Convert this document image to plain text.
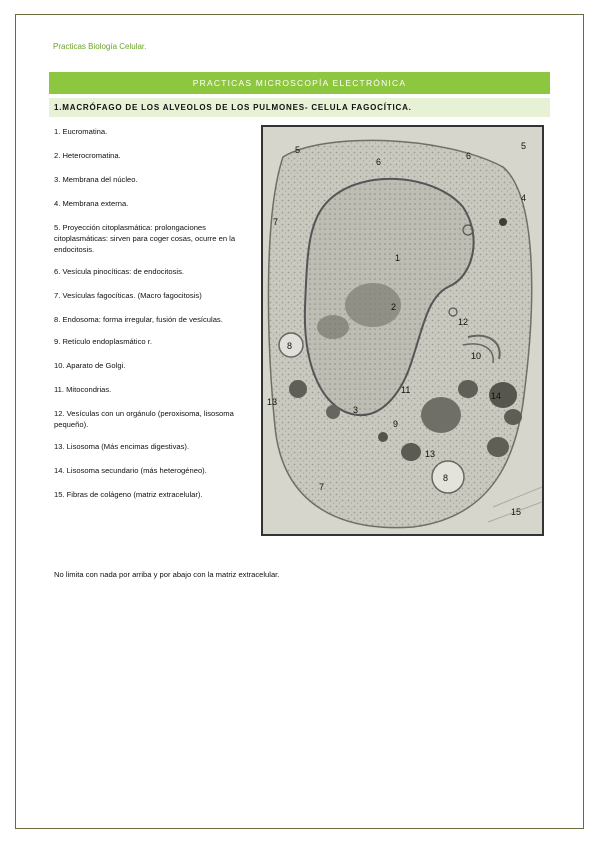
Practicas Biología Celular.
PRACTICAS MICROSCOPÍA ELECTRÓNICA
1.MACRÓFAGO DE LOS ALVEOLOS DE LOS PULMONES- CELULA FAGOCÍTICA.
1. Eucromatina.
2. Heterocromatina.
3. Membrana del núcleo.
4. Membrana externa.
5. Proyección citoplasmática: prolongaciones citoplasmáticas: sirven para coger cosas, ocurre en la endocitosis.
6. Vesícula pinocíticas: de endocitosis.
7. Vesículas fagocíticas. (Macro fagocitosis)
8. Endosoma: forma irregular, fusión de vesículas.
9. Retículo endoplasmático r.
10. Aparato de Golgi.
11. Mitocondrias.
12. Vesículas con un orgánulo (peroxisoma, lisosoma pequeño).
13. Lisosoma (Más encimas digestivas).
14. Lisosoma secundario (más heterogéneo).
15. Fibras de colágeno (matriz extracelular).
1
2
3
4
5	5
6
6
7
7
8
8
9
10
11
12
13
13
14
15
No limita con nada por arriba y por abajo con la matriz extracelular.
